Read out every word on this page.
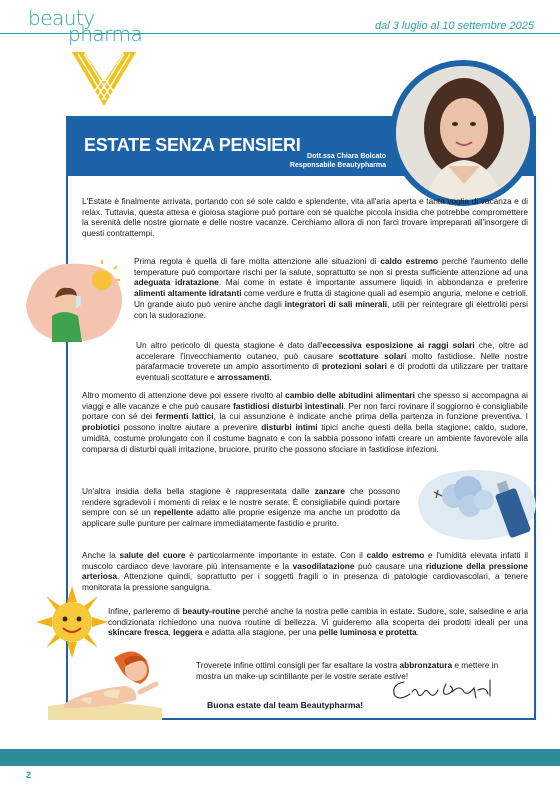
beauty
pharma	dal 3 luglio al 10 settembre 2025
ESTATE SENZA PENSIERI
Dott.ssa Chiara Bolcato
Responsabile Beautypharma
L'Estate è finalmente arrivata, portando con sé sole caldo e splendente, vita all'aria aperta e tanta voglia di vacanza e di relax. Tuttavia, questa attesa e gioiosa stagione può portare con sé qualche piccola insidia che potrebbe compromettere la serenità delle nostre giornate e delle nostre vacanze. Cerchiamo allora di non farci trovare impreparati all'insorgere di questi contrattempi.
Prima regola è quella di fare molta attenzione alle situazioni di caldo estremo perché l'aumento delle temperature può comportare rischi per la salute, soprattutto se non si presta sufficiente attenzione ad una adeguata idratazione. Mai come in estate è importante assumere liquidi in abbondanza e preferire alimenti altamente idratanti come verdure e frutta di stagione quali ad esempio anguria, melone e cetrioli. Un grande aiuto può venire anche dagli integratori di sali minerali, utili per reintegrare gli elettroliti persi con la sudorazione.
Un altro pericolo di questa stagione è dato dall'eccessiva esposizione ai raggi solari che, oltre ad accelerare l'invecchiamento cutaneo, può causare scottature solari molto fastidiose. Nelle nostre parafarmacie troverete un ampio assortimento di protezioni solari e di prodotti da utilizzare per trattare eventuali scottature e arrossamenti.
Altro momento di attenzione deve poi essere rivolto al cambio delle abitudini alimentari che spesso si accompagna ai viaggi e alle vacanze e che può causare fastidiosi disturbi intestinali. Per non farci rovinare il soggiorno è consigliabile portare con sé dei fermenti lattici, la cui assunzione è indicate anche prima della partenza in funzione preventiva. I probiotici possono inoltre aiutare a prevenire disturbi intimi tipici anche questi della bella stagione: caldo, sudore, umidità, costume prolungato con il costume bagnato e con la sabbia possono infatti creare un ambiente favorevole alla comparsa di disturbi quali irritazione, bruciore, prurito che possono sfociare in fastidiose infezioni.
Un'altra insidia della bella stagione è rappresentata dalle zanzare che possono rendere sgradevoli i momenti di relax e le nostre serate. È consigliabile quindi portare sempre con sé un repellente adatto alle proprie esigenze ma anche un prodotto da applicare sulle punture per calmare immediatamente fastidio e prurito.
Anche la salute del cuore è particolarmente importante in estate. Con il caldo estremo e l'umidità elevata infatti il muscolo cardiaco deve lavorare più intensamente e la vasodilatazione può causare una riduzione della pressione arteriosa. Attenzione quindi, soprattutto per i soggetti fragili o in presenza di patologie cardiovascolari, a tenere monitorata la pressione sanguigna.
Infine, parleremo di beauty-routine perché anche la nostra pelle cambia in estate. Sudore, sole, salsedine e aria condizionata richiedono una nuova routine di bellezza. Vi guideremo alla scoperta dei prodotti ideali per una skincare fresca, leggera e adatta alla stagione, per una pelle luminosa e protetta.
Troverete infine ottimi consigli per far esaltare la vostra abbronzatura e mettere in mostra un make-up scintillante per le vostre serate estive!
Buona estate dal team Beautypharma!
2
